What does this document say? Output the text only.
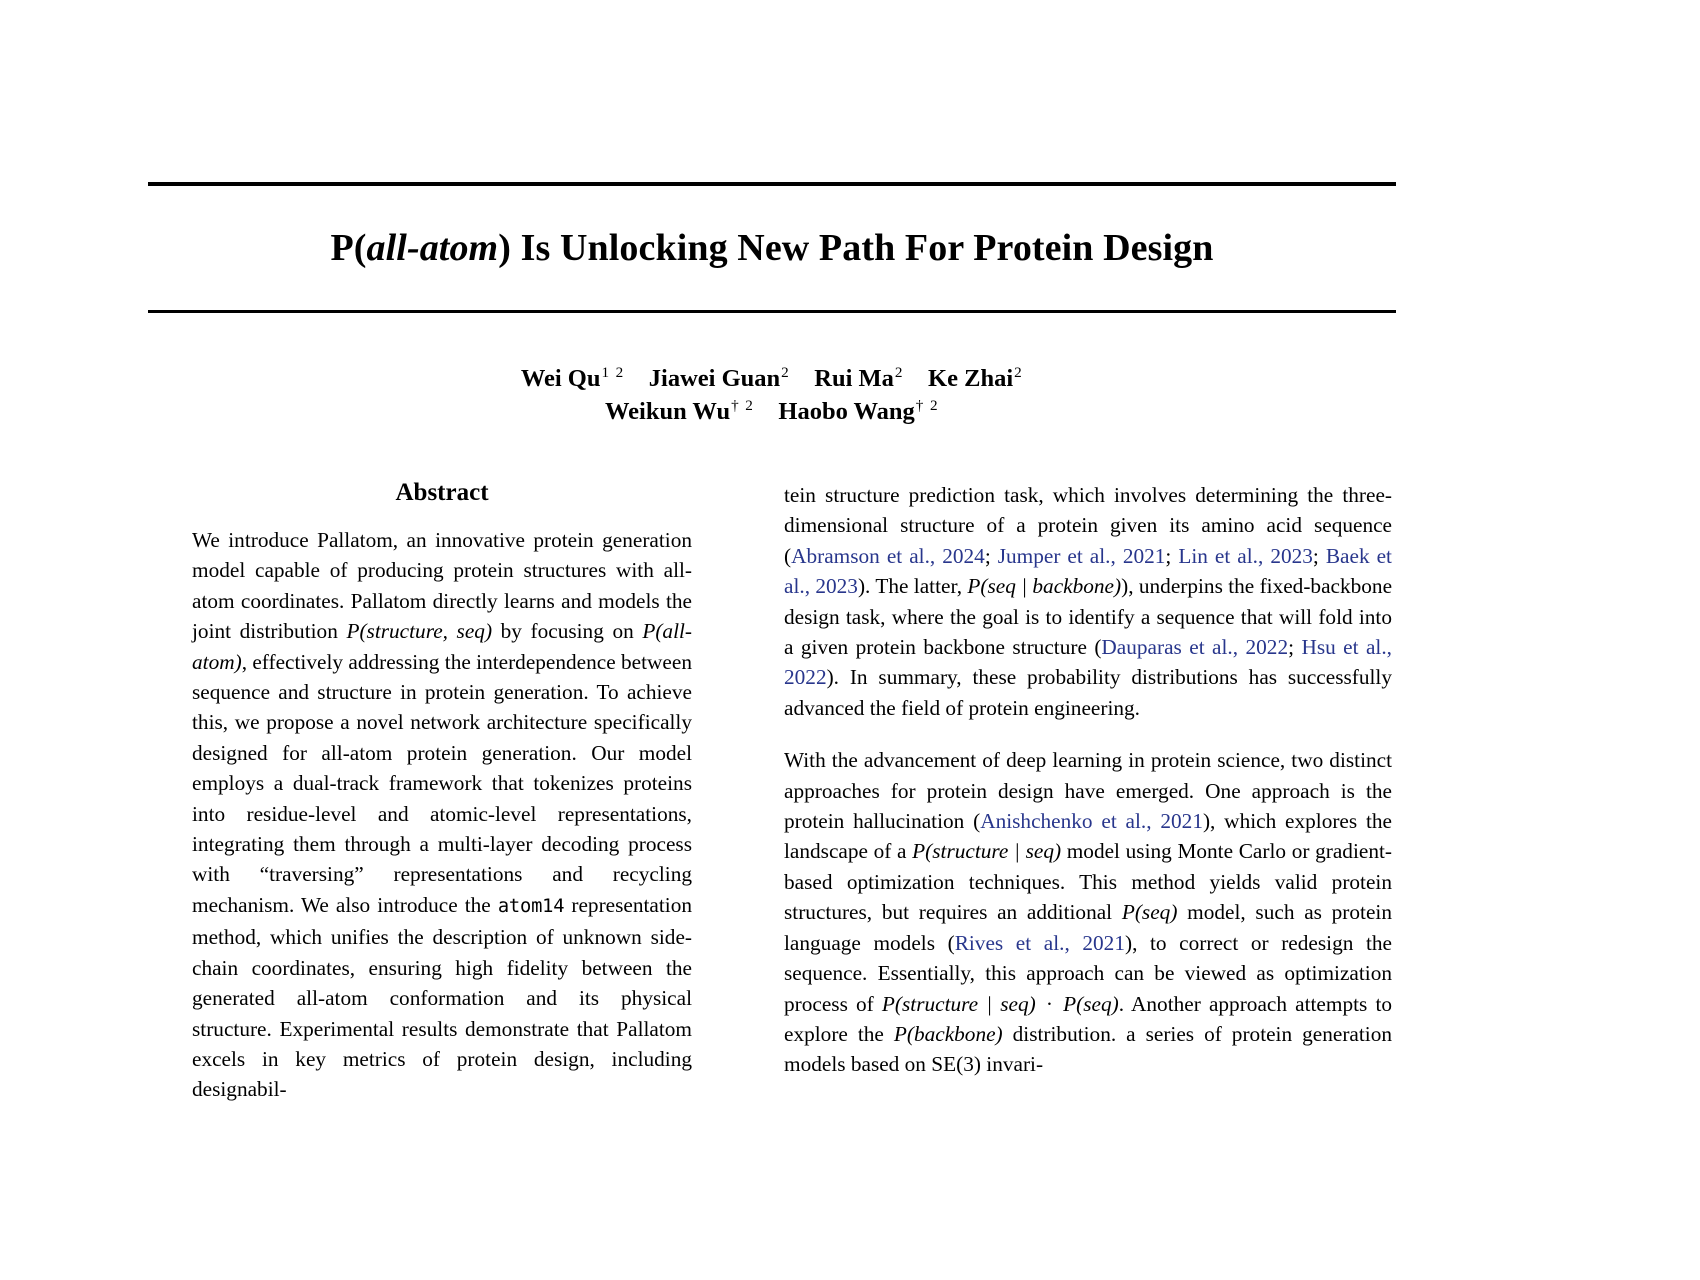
P(all-atom) Is Unlocking New Path For Protein Design
Wei $Qu^{1 2}$ Jiawei Guan$^2$ Rui Ma$^2$ Ke Zhai$^2$
Weikun Wu$^{\dagger 2}$ Haobo Wang$^{\dagger 2}$
Abstract

We introduce Pallatom, an innovative protein generation model capable of producing protein structures with all-atom coordinates. Pallatom directly learns and models the joint distribution P(structure, seq) by focusing on P(all-atom), effectively addressing the interdependence between sequence and structure in protein generation. To achieve this, we propose a novel network architecture specifically designed for all-atom protein generation. Our model employs a dual-track framework that tokenizes proteins into residue-level and atomic-level representations, integrating them through a multi-layer decoding process with “traversing” representations and recycling mechanism. We also introduce the atom14 representation method, which unifies the description of unknown side-chain coordinates, ensuring high fidelity between the generated all-atom conformation and its physical structure. Experimental results demonstrate that Pallatom excels in key metrics of protein design, including designabil-

tein structure prediction task, which involves determining the three-dimensional structure of a protein given its amino acid sequence (Abramson et al., 2024; Jumper et al., 2021; Lin et al., 2023; Baek et al., 2023). The latter, P(seq | backbone)), underpins the fixed-backbone design task, where the goal is to identify a sequence that will fold into a given protein backbone structure (Dauparas et al., 2022; Hsu et al., 2022). In summary, these probability distributions has successfully advanced the field of protein engineering.

With the advancement of deep learning in protein science, two distinct approaches for protein design have emerged. One approach is the protein hallucination (Anishchenko et al., 2021), which explores the landscape of a P(structure | seq) model using Monte Carlo or gradient-based optimization techniques. This method yields valid protein structures, but requires an additional P(seq) model, such as protein language models (Rives et al., 2021), to correct or redesign the sequence. Essentially, this approach can be viewed as optimization process of P(structure | seq) · P(seq). Another approach attempts to explore the P(backbone) distribution. a series of protein generation models based on SE(3) invari-
